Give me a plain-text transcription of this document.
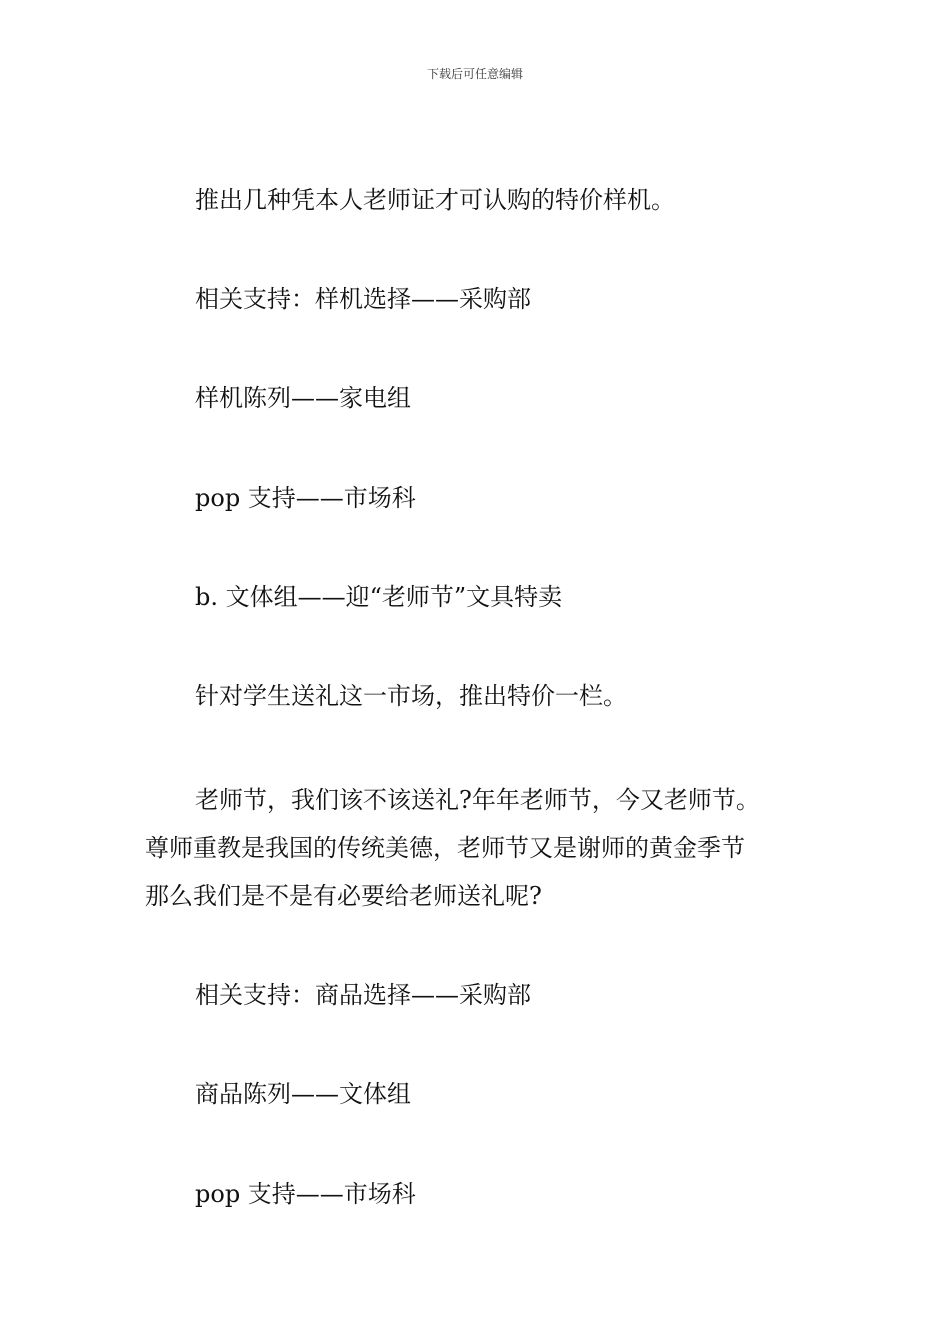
下载后可任意编辑

推出几种凭本人老师证才可认购的特价样机。

相关支持：样机选择——采购部

样机陈列——家电组

pop 支持——市场科

b. 文体组——迎“老师节”文具特卖

针对学生送礼这一市场，推出特价一栏。

老师节，我们该不该送礼?年年老师节，今又老师节。
尊师重教是我国的传统美德，老师节又是谢师的黄金季节
那么我们是不是有必要给老师送礼呢?

相关支持：商品选择——采购部

商品陈列——文体组

pop 支持——市场科
